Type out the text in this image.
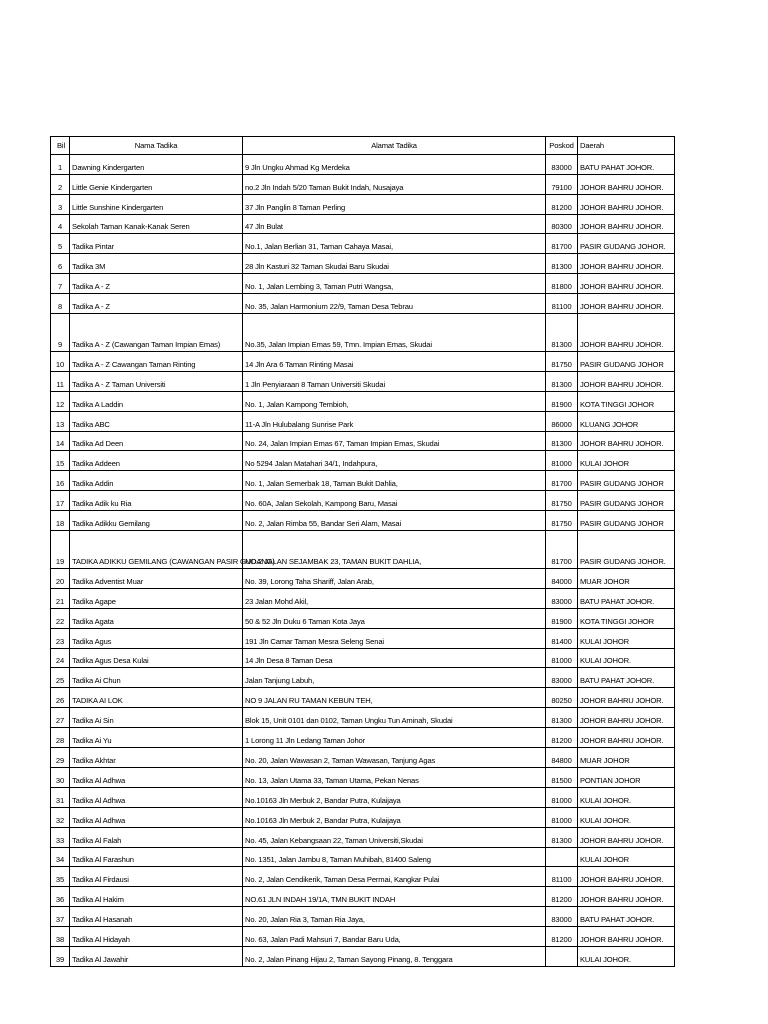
Bil	Nama Tadika	Alamat Tadika	Poskod	Daerah
1	Dawning Kindergarten	9 Jln Ungku Ahmad Kg Merdeka	83000	BATU PAHAT JOHOR.
2	Little Genie Kindergarten	no.2 Jln Indah 5/20 Taman Bukit Indah, Nusajaya	79100	JOHOR BAHRU JOHOR.
3	Little Sunshine Kindergarten	37 Jln Panglin 8 Taman Perling	81200	JOHOR BAHRU JOHOR.
4	Sekolah Taman Kanak-Kanak Seren	47 Jln Bulat	80300	JOHOR BAHRU JOHOR.
5	Tadika Pintar	No.1, Jalan Berlian 31, Taman Cahaya Masai,	81700	PASIR GUDANG JOHOR.
6	Tadika 3M	28 Jln Kasturi 32 Taman Skudai Baru Skudai	81300	JOHOR BAHRU JOHOR.
7	Tadika A - Z	No. 1, Jalan Lembing 3, Taman Putri Wangsa,	81800	JOHOR BAHRU JOHOR.
8	Tadika A - Z	No. 35, Jalan Harmonium 22/9, Taman Desa Tebrau	81100	JOHOR BAHRU JOHOR.
9	Tadika A - Z (Cawangan Taman Impian Emas)	No.35, Jalan Impian Emas 59, Tmn. Impian Emas, Skudai	81300	JOHOR BAHRU JOHOR.
10	Tadika A - Z Cawangan Taman Rinting	14 Jln Ara 6 Taman Rinting Masai	81750	PASIR GUDANG JOHOR
11	Tadika A - Z Taman Universiti	1 Jln Penyiaraan 8 Taman Universiti Skudai	81300	JOHOR BAHRU JOHOR.
12	Tadika A Laddin	No. 1, Jalan Kampong Tembioh,	81900	KOTA TINGGI JOHOR
13	Tadika ABC	11-A Jln Hulubalang Sunrise Park	86000	KLUANG JOHOR
14	Tadika Ad Deen	No. 24, Jalan Impian Emas 67, Taman Impian Emas, Skudai	81300	JOHOR BAHRU JOHOR.
15	Tadika Addeen	No 5294 Jalan Matahari 34/1, Indahpura,	81000	KULAI JOHOR
16	Tadika Addin	No. 1, Jalan Semerbak 18, Taman Bukit Dahlia,	81700	PASIR GUDANG JOHOR
17	Tadika Adik ku Ria	No. 60A, Jalan Sekolah, Kampong Baru, Masai	81750	PASIR GUDANG JOHOR
18	Tadika Adikku Gemilang	No. 2, Jalan Rimba 55, Bandar Seri Alam, Masai	81750	PASIR GUDANG JOHOR
19	TADIKA ADIKKU GEMILANG (CAWANGAN PASIR GUDANG)	NO.2 JALAN SEJAMBAK 23, TAMAN BUKIT DAHLIA,	81700	PASIR GUDANG JOHOR.
20	Tadika Adventist Muar	No. 39, Lorong Taha Shariff, Jalan Arab,	84000	MUAR JOHOR
21	Tadika Agape	23 Jalan Mohd Akil,	83000	BATU PAHAT JOHOR.
22	Tadika Agata	50 & 52 Jln Duku 6 Taman Kota Jaya	81900	KOTA TINGGI JOHOR
23	Tadika Agus	191 Jln Camar Taman Mesra Seleng Senai	81400	KULAI JOHOR
24	Tadika Agus Desa Kulai	14 Jln Desa 8 Taman Desa	81000	KULAI JOHOR.
25	Tadika Ai Chun	Jalan Tanjung Labuh,	83000	BATU PAHAT JOHOR.
26	TADIKA AI LOK	NO 9 JALAN RU TAMAN KEBUN TEH,	80250	JOHOR BAHRU JOHOR.
27	Tadika Ai Sin	Blok 15, Unit 0101 dan 0102, Taman Ungku Tun Aminah, Skudai	81300	JOHOR BAHRU JOHOR.
28	Tadika Ai Yu	1 Lorong 11 Jln Ledang Taman Johor	81200	JOHOR BAHRU JOHOR.
29	Tadika Akhtar	No. 20, Jalan Wawasan 2, Taman Wawasan, Tanjung Agas	84800	MUAR JOHOR
30	Tadika Al Adhwa	No. 13, Jalan Utama 33, Taman Utama, Pekan Nenas	81500	PONTIAN JOHOR
31	Tadika Al Adhwa	No.10163 Jln Merbuk 2, Bandar Putra, Kulaijaya	81000	KULAI JOHOR.
32	Tadika Al Adhwa	No.10163 Jln Merbuk 2, Bandar Putra, Kulaijaya	81000	KULAI JOHOR.
33	Tadika Al Falah	No. 45, Jalan Kebangsaan 22, Taman Universiti,Skudai	81300	JOHOR BAHRU JOHOR.
34	Tadika Al Farashun	No. 1351, Jalan Jambu 8, Taman Muhibah, 81400 Saleng		KULAI JOHOR
35	Tadika Al Firdausi	No. 2, Jalan Cendikerik, Taman Desa Permai, Kangkar Pulai	81100	JOHOR BAHRU JOHOR.
36	Tadika Al Hakim	NO.61 JLN INDAH 19/1A, TMN BUKIT INDAH	81200	JOHOR BAHRU JOHOR.
37	Tadika Al Hasanah	No. 20, Jalan Ria 3, Taman Ria Jaya,	83000	BATU PAHAT JOHOR.
38	Tadika Al Hidayah	No. 63, Jalan Padi Mahsuri 7, Bandar Baru Uda,	81200	JOHOR BAHRU JOHOR.
39	Tadika Al Jawahir	No. 2, Jalan Pinang Hijau 2, Taman Sayong Pinang, 8. Tenggara		KULAI JOHOR.
